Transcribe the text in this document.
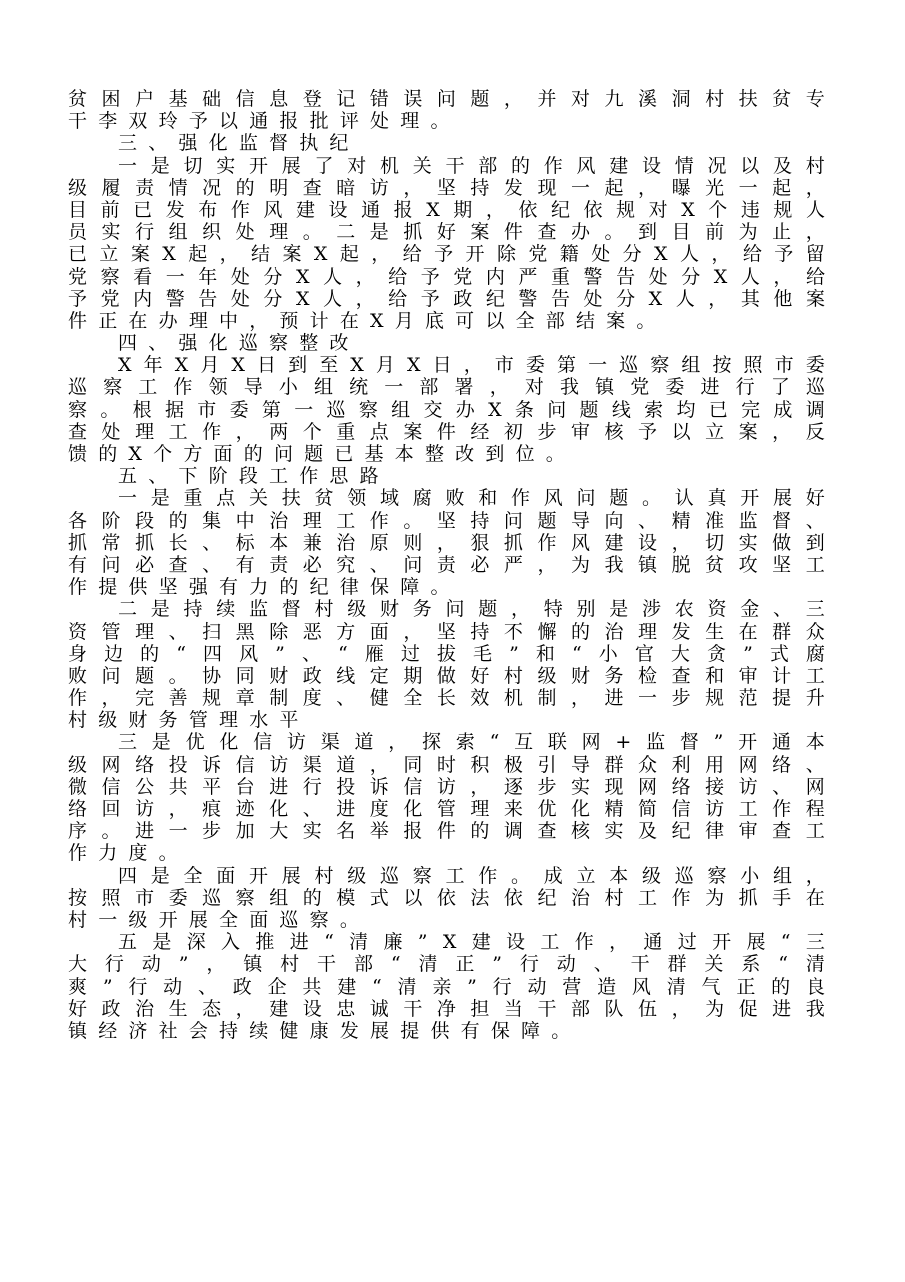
贫 困 户 基 础 信 息 登 记 错 误 问 题 ， 并 对 九 溪 洞 村 扶 贫 专
干 李 双 玲 予 以 通 报 批 评 处 理 。
三 、 强 化 监 督 执 纪
一 是 切 实 开 展 了 对 机 关 干 部 的 作 风 建 设 情 况 以 及 村
级 履 责 情 况 的 明 查 暗 访 ， 坚 持 发 现 一 起 ， 曝 光 一 起 ，
目 前 已 发 布 作 风 建 设 通 报 X 期 ， 依 纪 依 规 对 X 个 违 规 人
员 实 行 组 织 处 理 。 二 是 抓 好 案 件 查 办 。 到 目 前 为 止 ，
已 立 案 X 起 ， 结 案 X 起 ， 给 予 开 除 党 籍 处 分 X 人 ， 给 予 留
党 察 看 一 年 处 分 X 人 ， 给 予 党 内 严 重 警 告 处 分 X 人 ， 给
予 党 内 警 告 处 分 X 人 ， 给 予 政 纪 警 告 处 分 X 人 ， 其 他 案
件 正 在 办 理 中 ， 预 计 在 X 月 底 可 以 全 部 结 案 。
四 、 强 化 巡 察 整 改
X 年 X 月 X 日 到 至 X 月 X 日 ， 市 委 第 一 巡 察 组 按 照 市 委
巡 察 工 作 领 导 小 组 统 一 部 署 ， 对 我 镇 党 委 进 行 了 巡
察 。 根 据 市 委 第 一 巡 察 组 交 办 X 条 问 题 线 索 均 已 完 成 调
查 处 理 工 作 ， 两 个 重 点 案 件 经 初 步 审 核 予 以 立 案 ， 反
馈 的 X 个 方 面 的 问 题 已 基 本 整 改 到 位 。
五 、 下 阶 段 工 作 思 路
一 是 重 点 关 扶 贫 领 域 腐 败 和 作 风 问 题 。 认 真 开 展 好
各 阶 段 的 集 中 治 理 工 作 。 坚 持 问 题 导 向 、 精 准 监 督 、
抓 常 抓 长 、 标 本 兼 治 原 则 ， 狠 抓 作 风 建 设 ， 切 实 做 到
有 问 必 查 、 有 责 必 究 、 问 责 必 严 ， 为 我 镇 脱 贫 攻 坚 工
作 提 供 坚 强 有 力 的 纪 律 保 障 。
二 是 持 续 监 督 村 级 财 务 问 题 ， 特 别 是 涉 农 资 金 、 三
资 管 理 、 扫 黑 除 恶 方 面 ， 坚 持 不 懈 的 治 理 发 生 在 群 众
身 边 的 “ 四 风 ” 、 “ 雁 过 拔 毛 ” 和 “ 小 官 大 贪 ” 式 腐
败 问 题 。 协 同 财 政 线 定 期 做 好 村 级 财 务 检 查 和 审 计 工
作 ， 完 善 规 章 制 度 、 健 全 长 效 机 制 ， 进 一 步 规 范 提 升
村 级 财 务 管 理 水 平
三 是 优 化 信 访 渠 道 ， 探 索 “ 互 联 网 + 监 督 ” 开 通 本
级 网 络 投 诉 信 访 渠 道 ， 同 时 积 极 引 导 群 众 利 用 网 络 、
微 信 公 共 平 台 进 行 投 诉 信 访 ， 逐 步 实 现 网 络 接 访 、 网
络 回 访 ， 痕 迹 化 、 进 度 化 管 理 来 优 化 精 简 信 访 工 作 程
序 。 进 一 步 加 大 实 名 举 报 件 的 调 查 核 实 及 纪 律 审 查 工
作 力 度 。
四 是 全 面 开 展 村 级 巡 察 工 作 。 成 立 本 级 巡 察 小 组 ，
按 照 市 委 巡 察 组 的 模 式 以 依 法 依 纪 治 村 工 作 为 抓 手 在
村 一 级 开 展 全 面 巡 察 。
五 是 深 入 推 进 “ 清 廉 ” X 建 设 工 作 ， 通 过 开 展 “ 三
大 行 动 ” ， 镇 村 干 部 “ 清 正 ” 行 动 、 干 群 关 系 “ 清
爽 ” 行 动 、 政 企 共 建 “ 清 亲 ” 行 动 营 造 风 清 气 正 的 良
好 政 治 生 态 ， 建 设 忠 诚 干 净 担 当 干 部 队 伍 ， 为 促 进 我
镇 经 济 社 会 持 续 健 康 发 展 提 供 有 保 障 。
